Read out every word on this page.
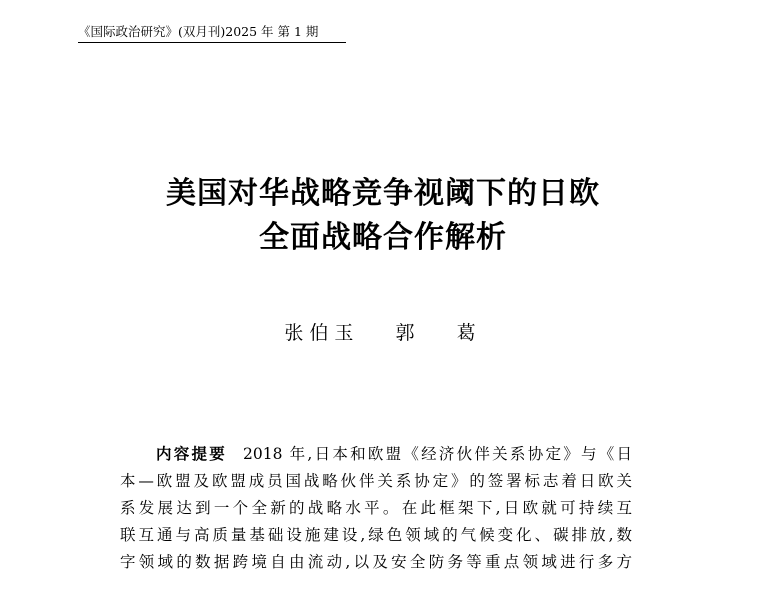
《国际政治研究》(双月刊)2025 年 第 1 期
美国对华战略竞争视阈下的日欧
全面战略合作解析
张伯玉   郭   葛
内容提要 2018 年,日本和欧盟《经济伙伴关系协定》与《日
本—欧盟及欧盟成员国战略伙伴关系协定》的签署标志着日欧关
系发展达到一个全新的战略水平。在此框架下,日欧就可持续互
联互通与高质量基础设施建设,绿色领域的气候变化、碳排放,数
字领域的数据跨境自由流动,以及安全防务等重点领域进行多方
